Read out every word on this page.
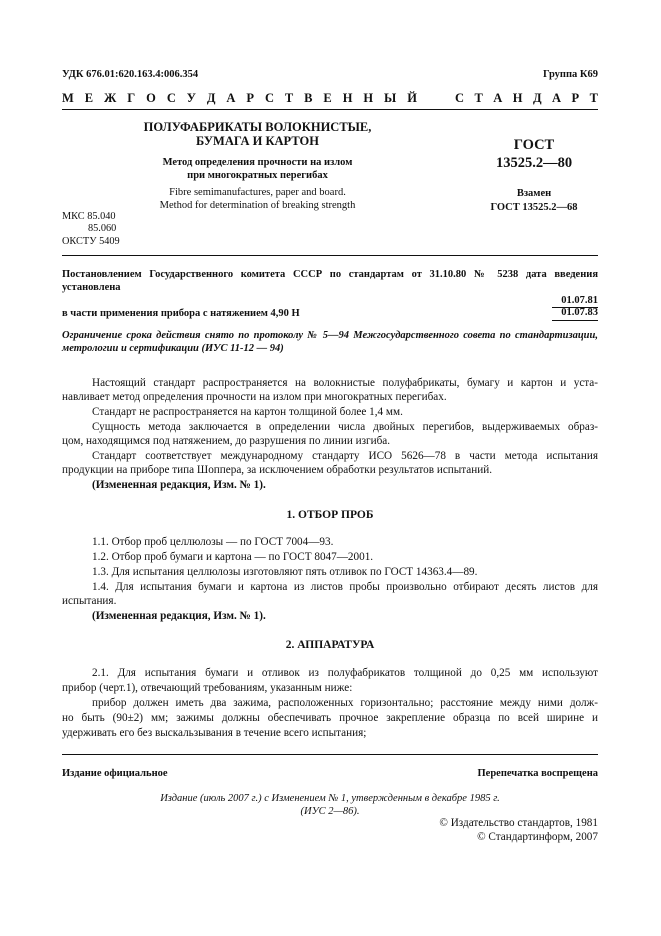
УДК 676.01:620.163.4:006.354	Группа К69
М Е Ж Г О С У Д А Р С Т В Е Н Н Ы Й	С Т А Н Д А Р Т
ПОЛУФАБРИКАТЫ ВОЛОКНИСТЫЕ,
БУМАГА И КАРТОН
Метод определения прочности на излом
при многократных перегибах
Fibre semimanufactures, paper and board.
Method for determination of breaking strength
ГОСТ
13525.2—80
Взамен
ГОСТ 13525.2—68
МКС 85.040
85.060
ОКСТУ 5409
Постановлением Государственного комитета СССР по стандартам от 31.10.80 № 5238 дата введения
установлена
01.07.81
в части применения прибора с натяжением 4,90 Н	01.07.83
Ограничение срока действия снято по протоколу № 5—94 Межгосударственного совета по стандартизации,
метрологии и сертификации (ИУС 11-12 — 94)
Настоящий стандарт распространяется на волокнистые полуфабрикаты, бумагу и картон и уста-
навливает метод определения прочности на излом при многократных перегибах.
Стандарт не распространяется на картон толщиной более 1,4 мм.
Сущность метода заключается в определении числа двойных перегибов, выдерживаемых образ-
цом, находящимся под натяжением, до разрушения по линии изгиба.
Стандарт соответствует международному стандарту ИСО 5626—78 в части метода испытания
продукции на приборе типа Шоппера, за исключением обработки результатов испытаний.
(Измененная редакция, Изм. № 1).
1. ОТБОР ПРОБ
1.1. Отбор проб целлюлозы — по ГОСТ 7004—93.
1.2. Отбор проб бумаги и картона — по ГОСТ 8047—2001.
1.3. Для испытания целлюлозы изготовляют пять отливок по ГОСТ 14363.4—89.
1.4. Для испытания бумаги и картона из листов пробы произвольно отбирают десять листов для
испытания.
(Измененная редакция, Изм. № 1).
2. АППАРАТУРА
2.1. Для испытания бумаги и отливок из полуфабрикатов толщиной до 0,25 мм используют
прибор (черт.1), отвечающий требованиям, указанным ниже:
прибор должен иметь два зажима, расположенных горизонтально; расстояние между ними долж-
но быть (90±2) мм; зажимы должны обеспечивать прочное закрепление образца по всей ширине и
удерживать его без выскальзывания в течение всего испытания;
Издание официальное	Перепечатка воспрещена
Издание (июль 2007 г.) с Изменением № 1, утвержденным в декабре 1985 г.
(ИУС 2—86).
© Издательство стандартов, 1981
© Стандартинформ, 2007
